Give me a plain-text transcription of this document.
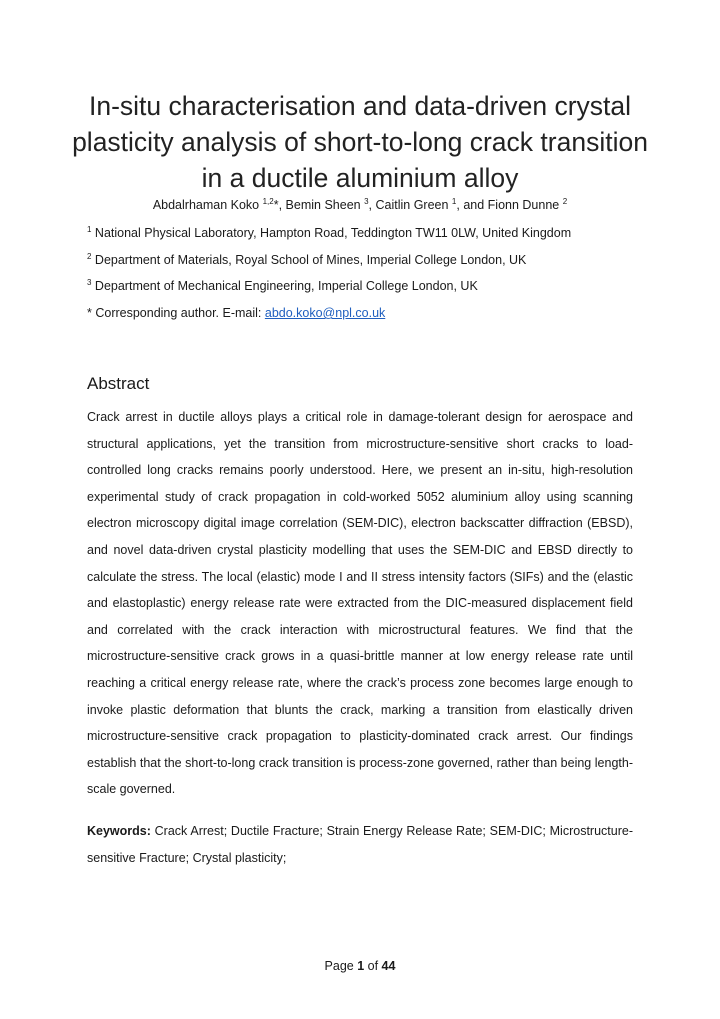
In-situ characterisation and data-driven crystal
plasticity analysis of short-to-long crack transition
in a ductile aluminium alloy
Abdalrhaman Koko $^{1,2}$*, Bemin Sheen $^3$, Caitlin Green $^1$, and Fionn Dunne $^2$
$^1$ National Physical Laboratory, Hampton Road, Teddington TW11 0LW, United Kingdom
$^2$ Department of Materials, Royal School of Mines, Imperial College London, UK
$^3$ Department of Mechanical Engineering, Imperial College London, UK
* Corresponding author. E-mail: abdo.koko@npl.co.uk
Abstract

Crack arrest in ductile alloys plays a critical role in damage-tolerant design for aerospace and structural applications, yet the transition from microstructure-sensitive short cracks to load-controlled long cracks remains poorly understood. Here, we present an in-situ, high-resolution experimental study of crack propagation in cold-worked 5052 aluminium alloy using scanning electron microscopy digital image correlation (SEM-DIC), electron backscatter diffraction (EBSD), and novel data-driven crystal plasticity modelling that uses the SEM-DIC and EBSD directly to calculate the stress. The local (elastic) mode I and II stress intensity factors (SIFs) and the (elastic and elastoplastic) energy release rate were extracted from the DIC-measured displacement field and correlated with the crack interaction with microstructural features. We find that the microstructure-sensitive crack grows in a quasi-brittle manner at low energy release rate until reaching a critical energy release rate, where the crack’s process zone becomes large enough to invoke plastic deformation that blunts the crack, marking a transition from elastically driven microstructure-sensitive crack propagation to plasticity-dominated crack arrest. Our findings establish that the short-to-long crack transition is process-zone governed, rather than being length-scale governed.

Keywords: Crack Arrest; Ductile Fracture; Strain Energy Release Rate; SEM-DIC; Microstructure-sensitive Fracture; Crystal plasticity;

Page 1 of 44
